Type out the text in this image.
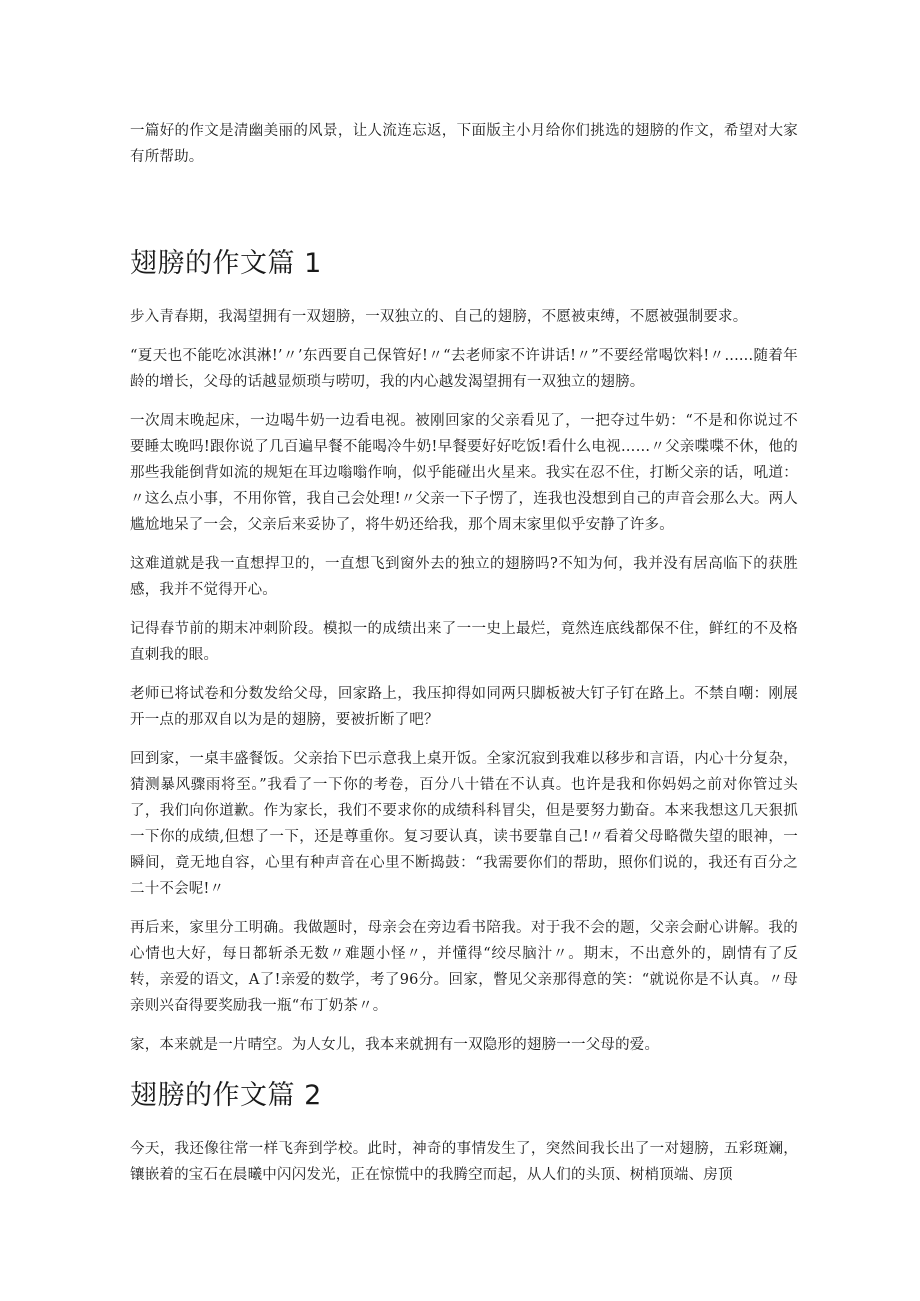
一篇好的作文是清幽美丽的风景，让人流连忘返，下面版主小月给你们挑选的翅膀的作文，希望对大家有所帮助。

翅膀的作文篇 1

步入青春期，我渴望拥有一双翅膀，一双独立的、自己的翅膀，不愿被束缚，不愿被强制要求。

“夏天也不能吃冰淇淋!’〃’东西要自己保管好!〃“去老师家不许讲话!〃”不要经常喝饮料!〃......随着年龄的增长，父母的话越显烦琐与唠叨，我的内心越发渴望拥有一双独立的翅膀。

一次周末晚起床，一边喝牛奶一边看电视。被刚回家的父亲看见了，一把夺过牛奶：“不是和你说过不要睡太晚吗!跟你说了几百遍早餐不能喝冷牛奶!早餐要好好吃饭!看什么电视……〃父亲喋喋不休，他的那些我能倒背如流的规矩在耳边嗡嗡作响，似乎能碰出火星来。我实在忍不住，打断父亲的话，吼道：〃这么点小事，不用你管，我自己会处理!〃父亲一下子愣了，连我也没想到自己的声音会那么大。两人尴尬地呆了一会，父亲后来妥协了，将牛奶还给我，那个周末家里似乎安静了许多。

这难道就是我一直想捍卫的，一直想飞到窗外去的独立的翅膀吗?不知为何，我并没有居高临下的获胜感，我并不觉得开心。

记得春节前的期末冲刺阶段。模拟一的成绩出来了一一史上最烂，竟然连底线都保不住，鲜红的不及格直刺我的眼。

老师已将试卷和分数发给父母，回家路上，我压抑得如同两只脚板被大钉子钉在路上。不禁自嘲：刚展开一点的那双自以为是的翅膀，要被折断了吧？

回到家，一桌丰盛餐饭。父亲抬下巴示意我上桌开饭。全家沉寂到我难以移步和言语，内心十分复杂，猜测暴风骤雨将至。”我看了一下你的考卷，百分八十错在不认真。也许是我和你妈妈之前对你管过头了，我们向你道歉。作为家长，我们不要求你的成绩科科冒尖，但是要努力勤奋。本来我想这几天狠抓一下你的成绩,但想了一下，还是尊重你。复习要认真，读书要靠自己!〃看着父母略微失望的眼神，一瞬间，竟无地自容，心里有种声音在心里不断捣鼓：“我需要你们的帮助，照你们说的，我还有百分之二十不会呢!〃

再后来，家里分工明确。我做题时，母亲会在旁边看书陪我。对于我不会的题，父亲会耐心讲解。我的心情也大好，每日都斩杀无数〃难题小怪〃，并懂得“绞尽脑汁〃。期末，不出意外的，剧情有了反转，亲爱的语文，A了!亲爱的数学，考了96分。回家，瞥见父亲那得意的笑：“就说你是不认真。〃母亲则兴奋得要奖励我一瓶“布丁奶茶〃。

家，本来就是一片晴空。为人女儿，我本来就拥有一双隐形的翅膀一一父母的爱。

翅膀的作文篇 2

今天，我还像往常一样飞奔到学校。此时，神奇的事情发生了，突然间我长出了一对翅膀，五彩斑斓，镶嵌着的宝石在晨曦中闪闪发光，正在惊慌中的我腾空而起，从人们的头顶、树梢顶端、房顶
